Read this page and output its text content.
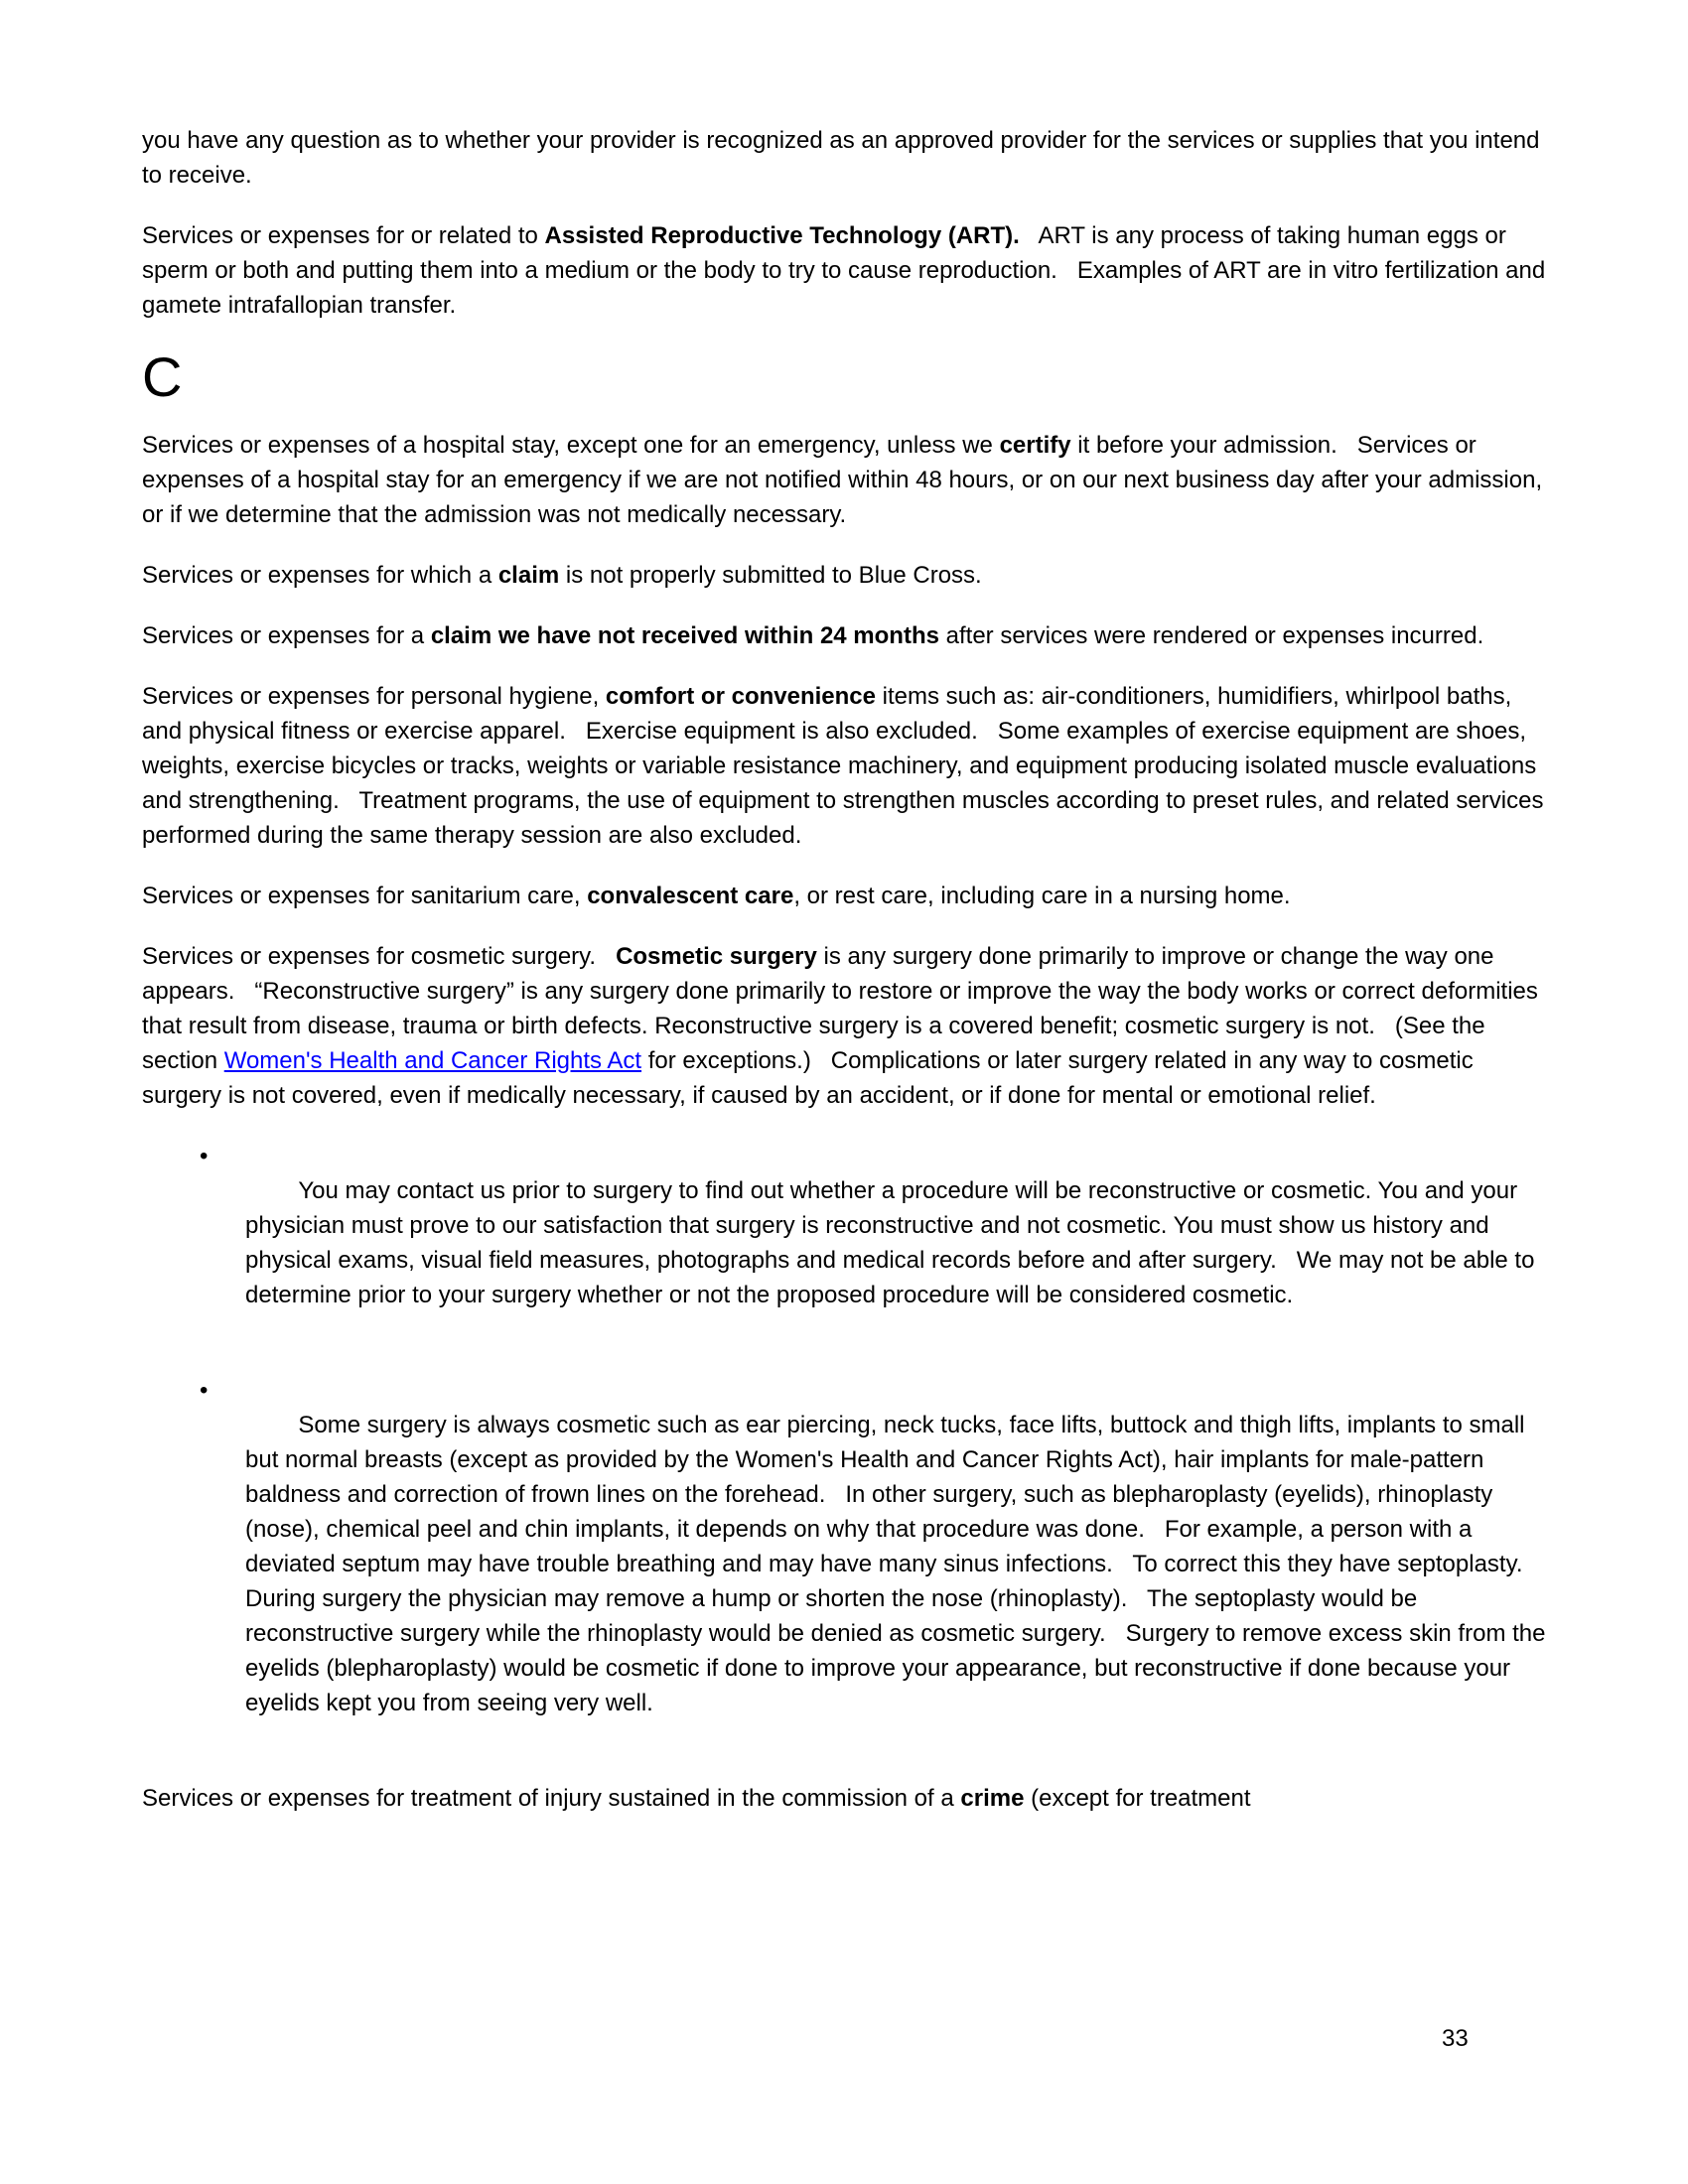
you have any question as to whether your provider is recognized as an approved provider for the services or supplies that you intend to receive.

Services or expenses for or related to Assisted Reproductive Technology (ART).   ART is any process of taking human eggs or sperm or both and putting them into a medium or the body to try to cause reproduction.   Examples of ART are in vitro fertilization and gamete intrafallopian transfer.

C

Services or expenses of a hospital stay, except one for an emergency, unless we certify it before your admission.   Services or expenses of a hospital stay for an emergency if we are not notified within 48 hours, or on our next business day after your admission, or if we determine that the admission was not medically necessary.

Services or expenses for which a claim is not properly submitted to Blue Cross.

Services or expenses for a claim we have not received within 24 months after services were rendered or expenses incurred.

Services or expenses for personal hygiene, comfort or convenience items such as: air-conditioners, humidifiers, whirlpool baths, and physical fitness or exercise apparel.   Exercise equipment is also excluded.   Some examples of exercise equipment are shoes, weights, exercise bicycles or tracks, weights or variable resistance machinery, and equipment producing isolated muscle evaluations and strengthening.   Treatment programs, the use of equipment to strengthen muscles according to preset rules, and related services performed during the same therapy session are also excluded.

Services or expenses for sanitarium care, convalescent care, or rest care, including care in a nursing home.

Services or expenses for cosmetic surgery.   Cosmetic surgery is any surgery done primarily to improve or change the way one appears.   “Reconstructive surgery” is any surgery done primarily to restore or improve the way the body works or correct deformities that result from disease, trauma or birth defects. Reconstructive surgery is a covered benefit; cosmetic surgery is not.   (See the section Women's Health and Cancer Rights Act for exceptions.)   Complications or later surgery related in any way to cosmetic surgery is not covered, even if medically necessary, if caused by an accident, or if done for mental or emotional relief.

•
You may contact us prior to surgery to find out whether a procedure will be reconstructive or cosmetic. You and your physician must prove to our satisfaction that surgery is reconstructive and not cosmetic. You must show us history and physical exams, visual field measures, photographs and medical records before and after surgery.   We may not be able to determine prior to your surgery whether or not the proposed procedure will be considered cosmetic.

•
Some surgery is always cosmetic such as ear piercing, neck tucks, face lifts, buttock and thigh lifts, implants to small but normal breasts (except as provided by the Women's Health and Cancer Rights Act), hair implants for male-pattern baldness and correction of frown lines on the forehead.   In other surgery, such as blepharoplasty (eyelids), rhinoplasty (nose), chemical peel and chin implants, it depends on why that procedure was done.   For example, a person with a deviated septum may have trouble breathing and may have many sinus infections.   To correct this they have septoplasty. During surgery the physician may remove a hump or shorten the nose (rhinoplasty).   The septoplasty would be reconstructive surgery while the rhinoplasty would be denied as cosmetic surgery.   Surgery to remove excess skin from the eyelids (blepharoplasty) would be cosmetic if done to improve your appearance, but reconstructive if done because your eyelids kept you from seeing very well.

Services or expenses for treatment of injury sustained in the commission of a crime (except for treatment

33
